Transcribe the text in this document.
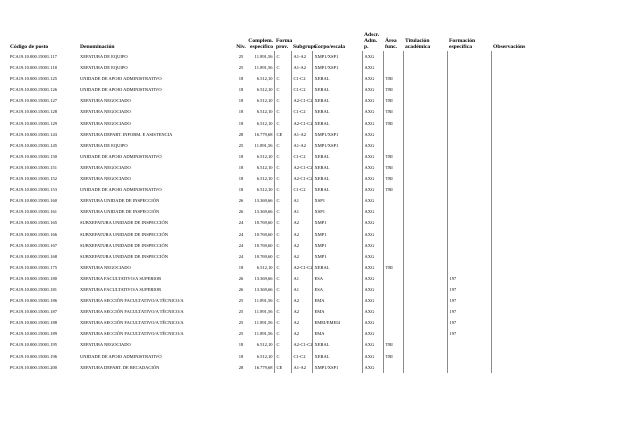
Código de posto	Denominación	Niv.	Complem. específico	Forma prov.	Subgrupo	Corpo/escala	Adscr. Adm. p.	Área func.	Titulación académica	Formación específica	Observacións
PCA19.10.000.15001.117	XEFATURA DE EQUIPO	25	11.891,56	C	A1-A2	XMP1/XSP1	AXG				
PCA19.10.000.15001.118	XEFATURA DE EQUIPO	25	11.891,56	C	A1-A2	XMP1/XSP1	AXG				
PCA19.10.000.15001.125	UNIDADE DE APOIO ADMINISTRATIVO	18	6.512,10	C	C1-C2	XERAL	AXG	TRI			
PCA19.10.000.15001.126	UNIDADE DE APOIO ADMINISTRATIVO	18	6.512,10	C	C1-C2	XERAL	AXG	TRI			
PCA19.10.000.15001.127	XEFATURA NEGOCIADO	18	6.512,10	C	A2-C1-C2	XERAL	AXG	TRI			
PCA19.10.000.15001.128	XEFATURA NEGOCIADO	18	6.512,10	C	C1-C2	XERAL	AXG	TRI			
PCA19.10.000.15001.129	XEFATURA NEGOCIADO	18	6.512,10	C	A2-C1-C2	XERAL	AXG	TRI			
PCA19.10.000.15001.143	XEFATURA DEPART. INFORM. E ASISTENCIA	28	16.779,68	CE	A1-A2	XMP1/XSP1	AXG				
PCA19.10.000.15001.145	XEFATURA DE EQUIPO	25	11.891,56	C	A1-A2	XMP1/XSP1	AXG				
PCA19.10.000.15001.150	UNIDADE DE APOIO ADMINISTRATIVO	18	6.512,10	C	C1-C2	XERAL	AXG	TRI			
PCA19.10.000.15001.151	XEFATURA NEGOCIADO	18	6.512,10	C	A2-C1-C2	XERAL	AXG	TRI			
PCA19.10.000.15001.152	XEFATURA NEGOCIADO	18	6.512,10	C	A2-C1-C2	XERAL	AXG	TRI			
PCA19.10.000.15001.153	UNIDADE DE APOIO ADMINISTRATIVO	18	6.512,10	C	C1-C2	XERAL	AXG	TRI			
PCA19.10.000.15001.160	XEFATURA UNIDADE DE INSPECCIÓN	26	13.369,66	C	A1	XSP1	AXG				
PCA19.10.000.15001.161	XEFATURA UNIDADE DE INSPECCIÓN	26	13.369,66	C	A1	XSP1	AXG				
PCA19.10.000.15001.165	SUBXEFATURA UNIDADE DE INSPECCIÓN	24	10.769,60	C	A2	XMP1	AXG				
PCA19.10.000.15001.166	SUBXEFATURA UNIDADE DE INSPECCIÓN	24	10.769,60	C	A2	XMP1	AXG				
PCA19.10.000.15001.167	SUBXEFATURA UNIDADE DE INSPECCIÓN	24	10.769,60	C	A2	XMP1	AXG				
PCA19.10.000.15001.168	SUBXEFATURA UNIDADE DE INSPECCIÓN	24	10.769,60	C	A2	XMP1	AXG				
PCA19.10.000.15001.175	XEFATURA NEGOCIADO	18	6.512,10	C	A2-C1-C2	XERAL	AXG	TRI			
PCA19.10.000.15001.180	XEFATURA FACULTATIVO/A SUPERIOR	26	13.369,66	C	A1	ESA	AXG			197	
PCA19.10.000.15001.181	XEFATURA FACULTATIVO/A SUPERIOR	26	13.369,66	C	A1	ESA	AXG			197	
PCA19.10.000.15001.186	XEFATURA SECCIÓN FACULTATIVO/A TÉCNICO/A	25	11.891,56	C	A2	EMA	AXG			197	
PCA19.10.000.15001.187	XEFATURA SECCIÓN FACULTATIVO/A TÉCNICO/A	25	11.891,56	C	A2	EMA	AXG			197	
PCA19.10.000.15001.188	XEFATURA SECCIÓN FACULTATIVO/A TÉCNICO/A	25	11.891,56	C	A2	EMEI/EMEI4	AXG			197	
PCA19.10.000.15001.189	XEFATURA SECCIÓN FACULTATIVO/A TÉCNICO/A	25	11.891,56	C	A2	EMA	AXG			197	
PCA19.10.000.15001.195	XEFATURA NEGOCIADO	18	6.512,10	C	A2-C1-C2	XERAL	AXG	TRI			
PCA19.10.000.15001.196	UNIDADE DE APOIO ADMINISTRATIVO	18	6.512,10	C	C1-C2	XERAL	AXG	TRI			
PCA19.10.000.15001.200	XEFATURA DEPART. DE RECADACIÓN	28	16.779,68	CE	A1-A2	XMP1/XSP1	AXG				
